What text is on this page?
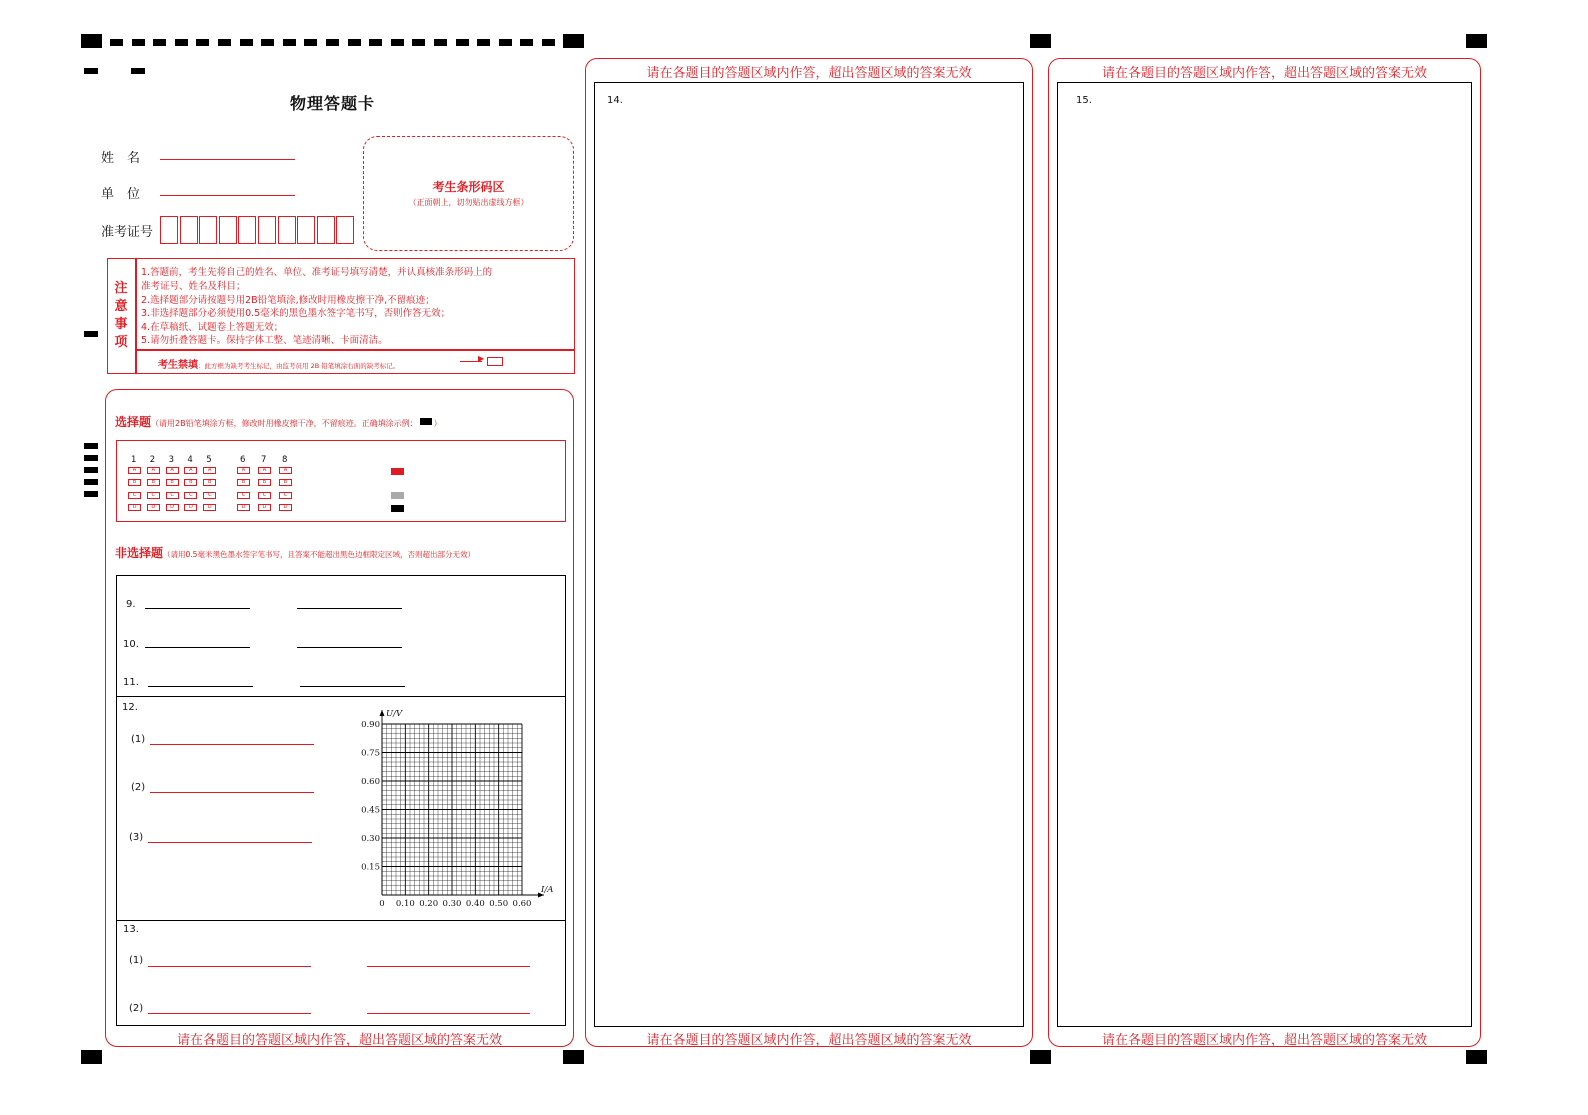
物理答题卡
姓　名
单　位
准考证号
考生条形码区
（正面朝上，切勿贴出虚线方框）
注
意
事
项
1.答题前，考生先将自己的姓名、单位、准考证号填写清楚，并认真核准条形码上的
准考证号、姓名及科目；
2.选择题部分请按题号用2B铅笔填涂,修改时用橡皮擦干净,不留痕迹；
3.非选择题部分必须使用0.5毫米的黑色墨水签字笔书写，否则作答无效；
4.在草稿纸、试题卷上答题无效；
5.请勿折叠答题卡。保持字体工整、笔迹清晰、卡面清洁。
考生禁填：此方框为缺考考生标记，由监考员用 2B 铅笔填涂右面的缺考标记。
▶
选择题（请用2B铅笔填涂方框，修改时用橡皮擦干净，不留痕迹。正确填涂示例： ）
1
A
B
C
D
2
A
B
C
D
3
A
B
C
D
4
A
B
C
D
5
A
B
C
D
6
A
B
C
D
7
A
B
C
D
8
A
B
C
D
非选择题（请用0.5毫米黑色墨水签字笔书写，且答案不能超出黑色边框限定区域，否则超出部分无效）
9.
10.
11.
12.
(1)
(2)
(3)
0 0.10 0.20 0.30 0.40 0.50 0.60
0.15
0.30
0.45
0.60
0.75
0.90
I/A
U/V
13.
(1)
(2)
请在各题目的答题区域内作答，超出答题区域的答案无效
请在各题目的答题区域内作答，超出答题区域的答案无效
14.
请在各题目的答题区域内作答，超出答题区域的答案无效
请在各题目的答题区域内作答，超出答题区域的答案无效
15.
请在各题目的答题区域内作答，超出答题区域的答案无效
